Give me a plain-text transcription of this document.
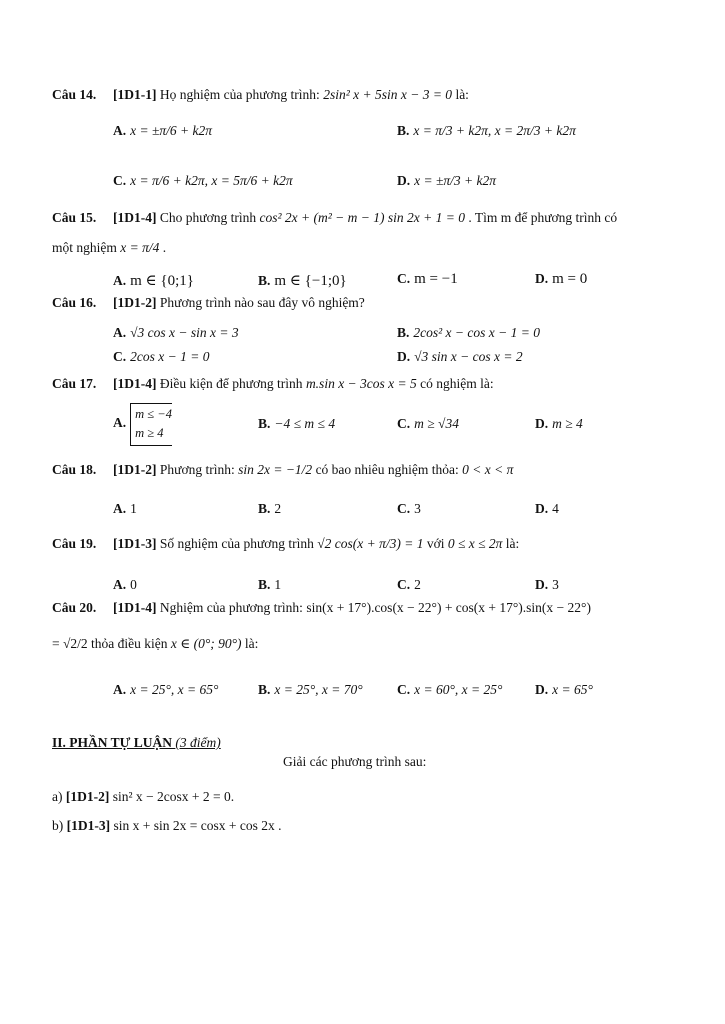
Câu 14. [1D1-1] Họ nghiệm của phương trình: 2sin² x + 5sin x − 3 = 0 là:
A. x = ±π/6 + k2π	B. x = π/3 + k2π, x = 2π/3 + k2π
C. x = π/6 + k2π, x = 5π/6 + k2π	D. x = ±π/3 + k2π
Câu 15. [1D1-4] Cho phương trình cos² 2x + (m² − m − 1) sin 2x + 1 = 0 . Tìm m để phương trình có
một nghiệm x = π/4 .
A. m ∈ {0;1}	B. m ∈ {−1;0}	C. m = −1	D. m = 0
Câu 16. [1D1-2] Phương trình nào sau đây vô nghiệm?
A. √3 cos x − sin x = 3	B. 2cos² x − cos x − 1 = 0
C. 2cos x − 1 = 0	D. √3 sin x − cos x = 2
Câu 17. [1D1-4] Điều kiện để phương trình m.sin x − 3cos x = 5 có nghiệm là:
A.
m ≤ −4
m ≥ 4
B. −4 ≤ m ≤ 4	C. m ≥ √34	D. m ≥ 4
Câu 18. [1D1-2] Phương trình: sin 2x = −1/2 có bao nhiêu nghiệm thỏa: 0 < x < π
A. 1	B. 2	C. 3	D. 4
Câu 19. [1D1-3] Số nghiệm của phương trình √2 cos(x + π/3) = 1 với 0 ≤ x ≤ 2π là:
A. 0	B. 1	C. 2	D. 3
Câu 20. [1D1-4] Nghiệm của phương trình: sin(x + 17°).cos(x − 22°) + cos(x + 17°).sin(x − 22°)
= √2/2 thỏa điều kiện x ∈ (0°; 90°) là:
A. x = 25°, x = 65°	B. x = 25°, x = 70°	C. x = 60°, x = 25° D. x = 65°
II. PHẦN TỰ LUẬN (3 điểm)
Giải các phương trình sau:
a) [1D1-2] sin² x − 2cosx + 2 = 0.
b) [1D1-3] sin x + sin 2x = cosx + cos 2x .
